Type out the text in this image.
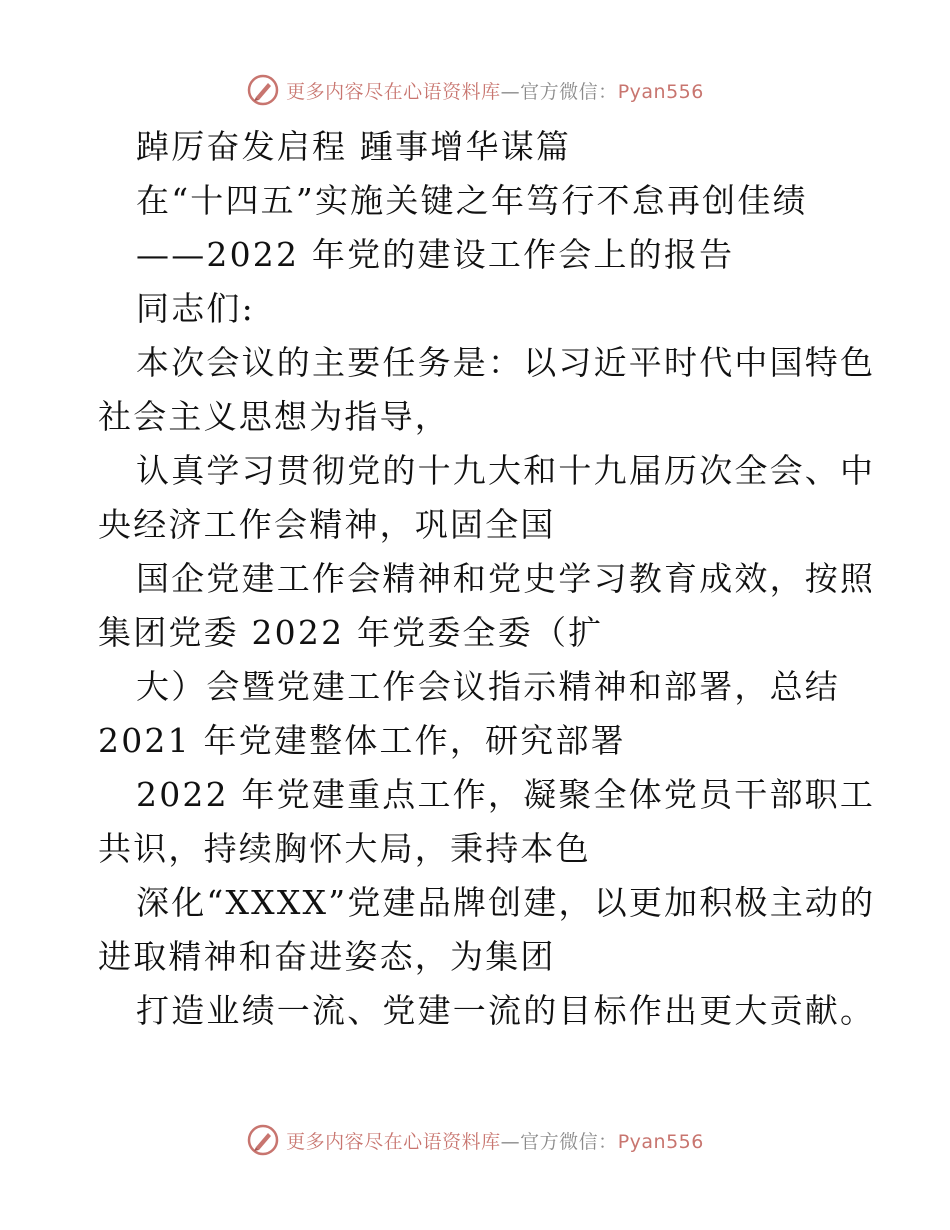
更多内容尽在心语资料库—官方微信：Pyan556
踔厉奋发启程 踵事增华谋篇
在“十四五”实施关键之年笃行不怠再创佳绩
——2022 年党的建设工作会上的报告
同志们:
本次会议的主要任务是：以习近平时代中国特色
社会主义思想为指导，
认真学习贯彻党的十九大和十九届历次全会、中
央经济工作会精神，巩固全国
国企党建工作会精神和党史学习教育成效，按照
集团党委 2022 年党委全委（扩
大）会暨党建工作会议指示精神和部署，总结
2021 年党建整体工作，研究部署
2022 年党建重点工作，凝聚全体党员干部职工
共识，持续胸怀大局，秉持本色
深化“XXXX”党建品牌创建，以更加积极主动的
进取精神和奋进姿态，为集团
打造业绩一流、党建一流的目标作出更大贡献。
更多内容尽在心语资料库—官方微信：Pyan556
